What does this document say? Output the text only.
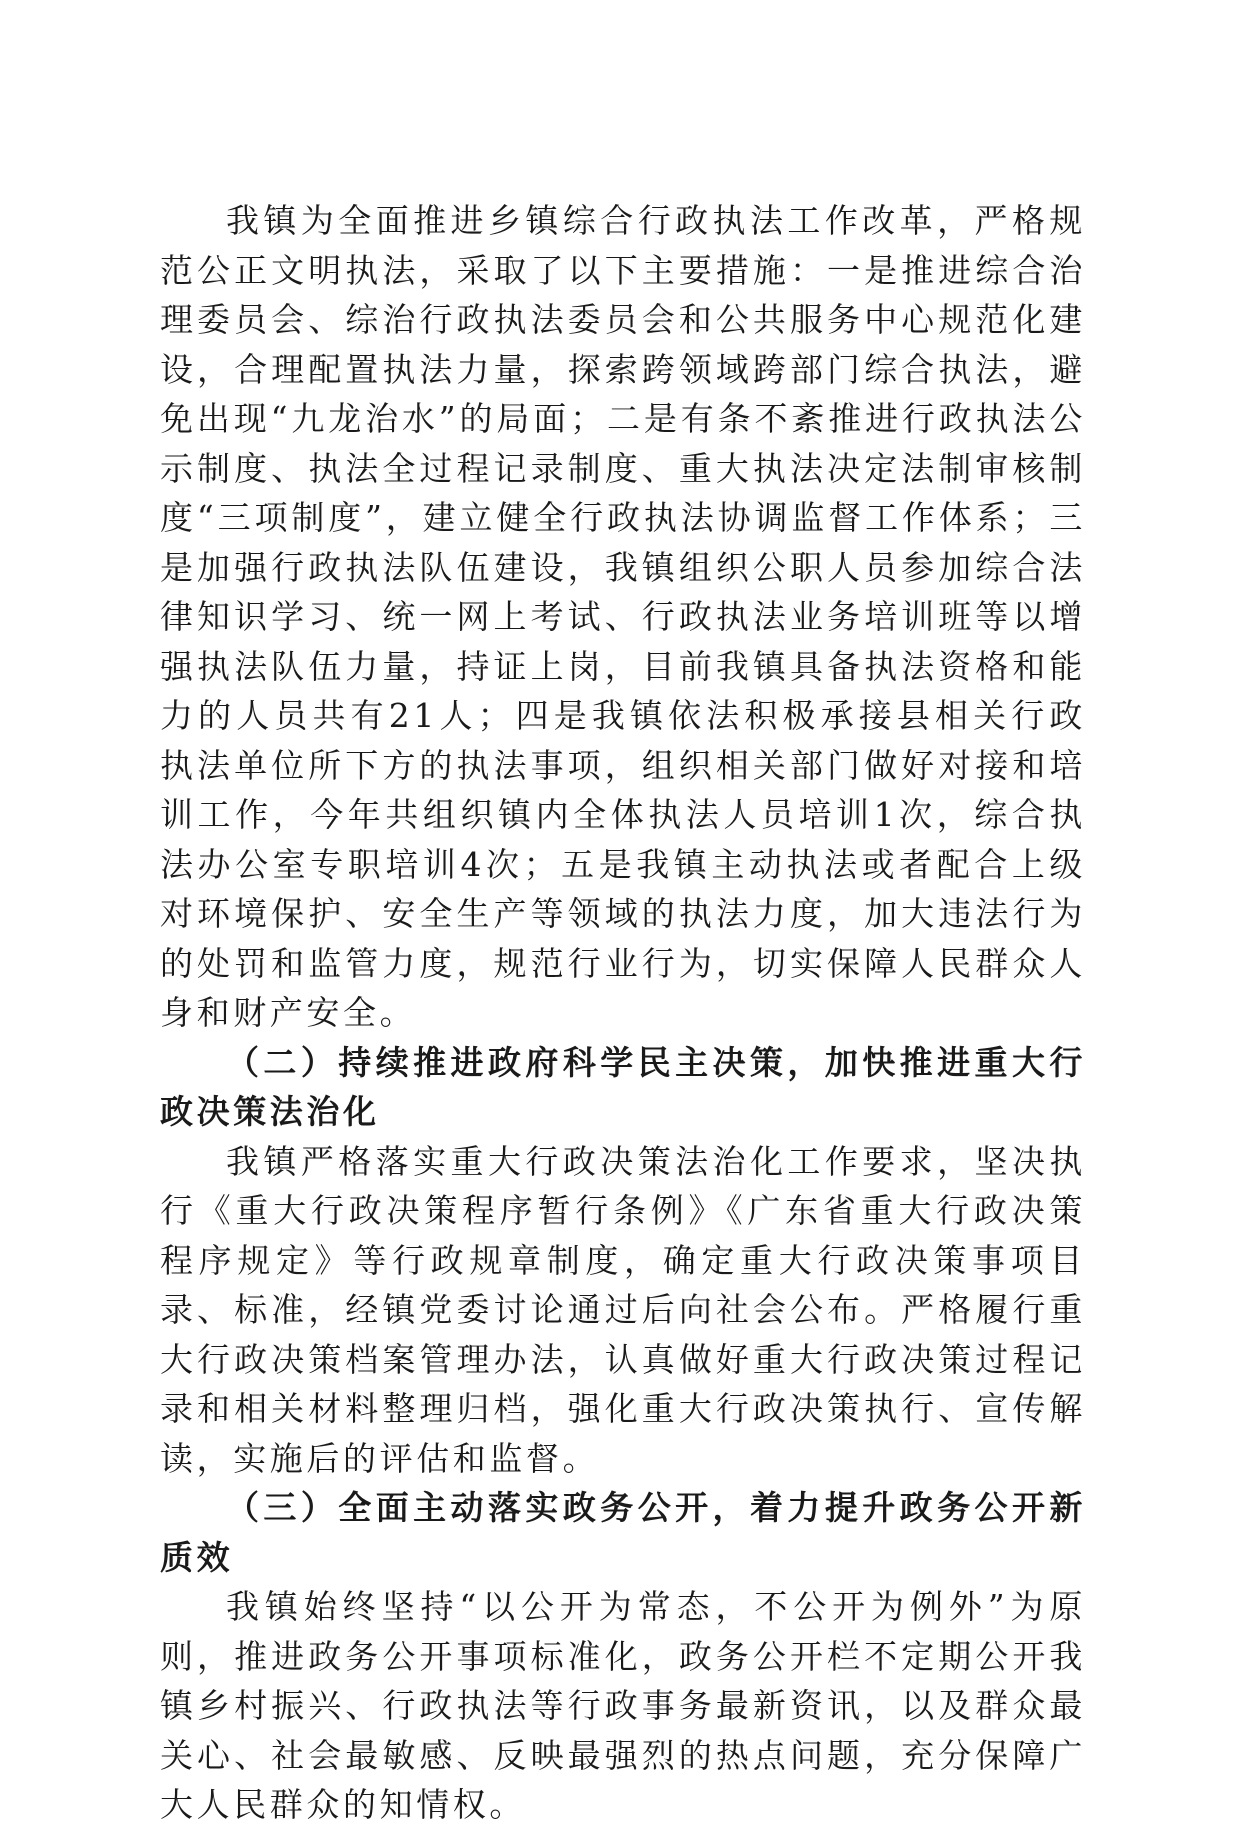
我镇为全面推进乡镇综合行政执法工作改革，严格规范公正文明执法，采取了以下主要措施：一是推进综合治理委员会、综治行政执法委员会和公共服务中心规范化建设，合理配置执法力量，探索跨领域跨部门综合执法，避免出现“九龙治水”的局面；二是有条不紊推进行政执法公示制度、执法全过程记录制度、重大执法决定法制审核制度“三项制度”，建立健全行政执法协调监督工作体系；三是加强行政执法队伍建设，我镇组织公职人员参加综合法律知识学习、统一网上考试、行政执法业务培训班等以增强执法队伍力量，持证上岗，目前我镇具备执法资格和能力的人员共有21人；四是我镇依法积极承接县相关行政执法单位所下方的执法事项，组织相关部门做好对接和培训工作，今年共组织镇内全体执法人员培训1次，综合执法办公室专职培训4次；五是我镇主动执法或者配合上级对环境保护、安全生产等领域的执法力度，加大违法行为的处罚和监管力度，规范行业行为，切实保障人民群众人身和财产安全。

（二）持续推进政府科学民主决策，加快推进重大行政决策法治化

我镇严格落实重大行政决策法治化工作要求，坚决执行《重大行政决策程序暂行条例》《广东省重大行政决策程序规定》等行政规章制度，确定重大行政决策事项目录、标准，经镇党委讨论通过后向社会公布。严格履行重大行政决策档案管理办法，认真做好重大行政决策过程记录和相关材料整理归档，强化重大行政决策执行、宣传解读，实施后的评估和监督。

（三）全面主动落实政务公开，着力提升政务公开新质效

我镇始终坚持“以公开为常态，不公开为例外”为原则，推进政务公开事项标准化，政务公开栏不定期公开我镇乡村振兴、行政执法等行政事务最新资讯，以及群众最关心、社会最敏感、反映最强烈的热点问题，充分保障广大人民群众的知情权。
